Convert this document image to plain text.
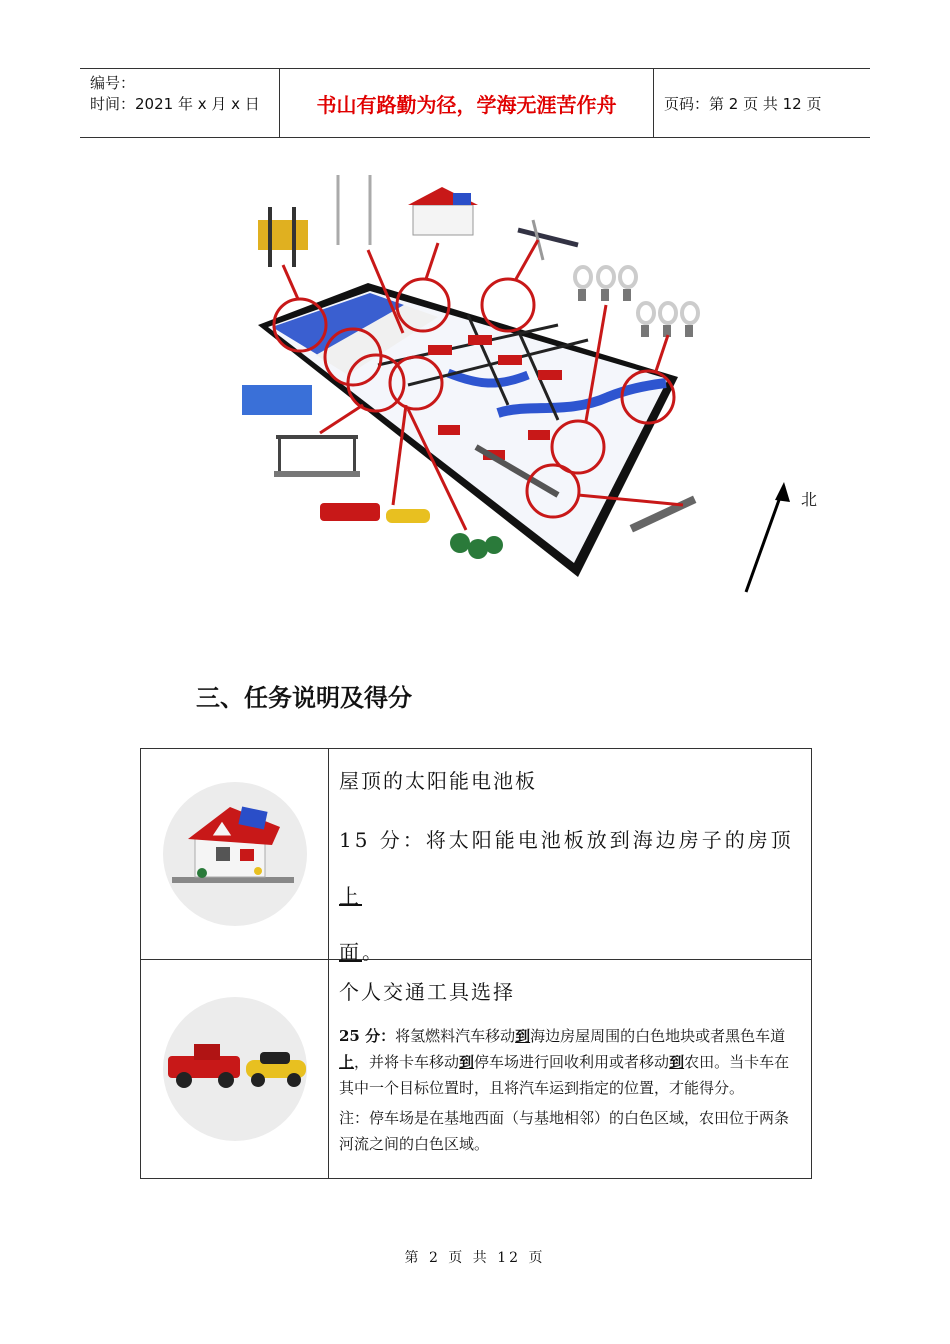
编号：
时间：2021 年 x 月 x 日	书山有路勤为径，学海无涯苦作舟	页码：第 2 页 共 12 页
北
三、任务说明及得分
屋顶的太阳能电池板
15 分：将太阳能电池板放到海边房子的房顶上
面。
个人交通工具选择
25 分：将氢燃料汽车移动到海边房屋周围的白色地块或者黑色车道上，并将卡车移动到停车场进行回收利用或者移动到农田。当卡车在其中一个目标位置时，且将汽车运到指定的位置，才能得分。
注：停车场是在基地西面（与基地相邻）的白色区域，农田位于两条河流之间的白色区域。
第 2 页 共 12 页
